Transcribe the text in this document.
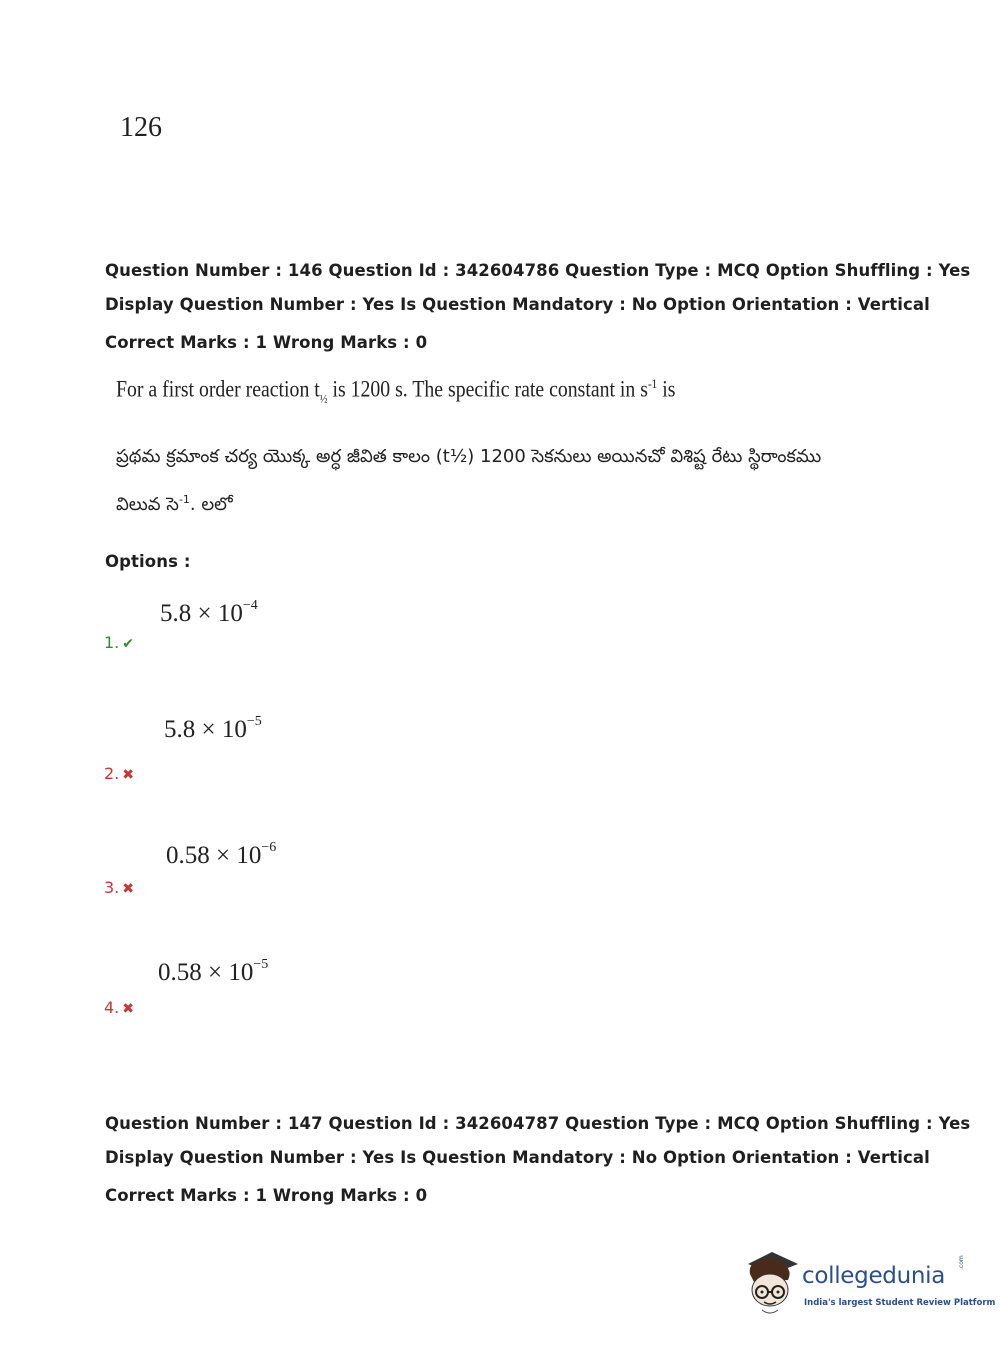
126
Question Number : 146 Question Id : 342604786 Question Type : MCQ Option Shuffling : Yes
Display Question Number : Yes Is Question Mandatory : No Option Orientation : Vertical
Correct Marks : 1 Wrong Marks : 0
For a first order reaction $t_{\frac{1}{2}}$ is 1200 s. The specific rate constant in $s^{-1}$ is
ప్రథమ క్రమాంక చర్య యొక్క అర్ధ జీవిత కాలం (t½) 1200 సెకనులు అయినచో విశిష్ట రేటు స్థిరాంకము
విలువ సె$^{-1}$. లలో
Options :
$5.8 \times 10^{-4}$
1. ✔
$5.8 \times 10^{-5}$
2. ✖
$0.58 \times 10^{-6}$
3. ✖
$0.58 \times 10^{-5}$
4. ✖
Question Number : 147 Question Id : 342604787 Question Type : MCQ Option Shuffling : Yes
Display Question Number : Yes Is Question Mandatory : No Option Orientation : Vertical
Correct Marks : 1 Wrong Marks : 0
collegedunia
.com
India's largest Student Review Platform
